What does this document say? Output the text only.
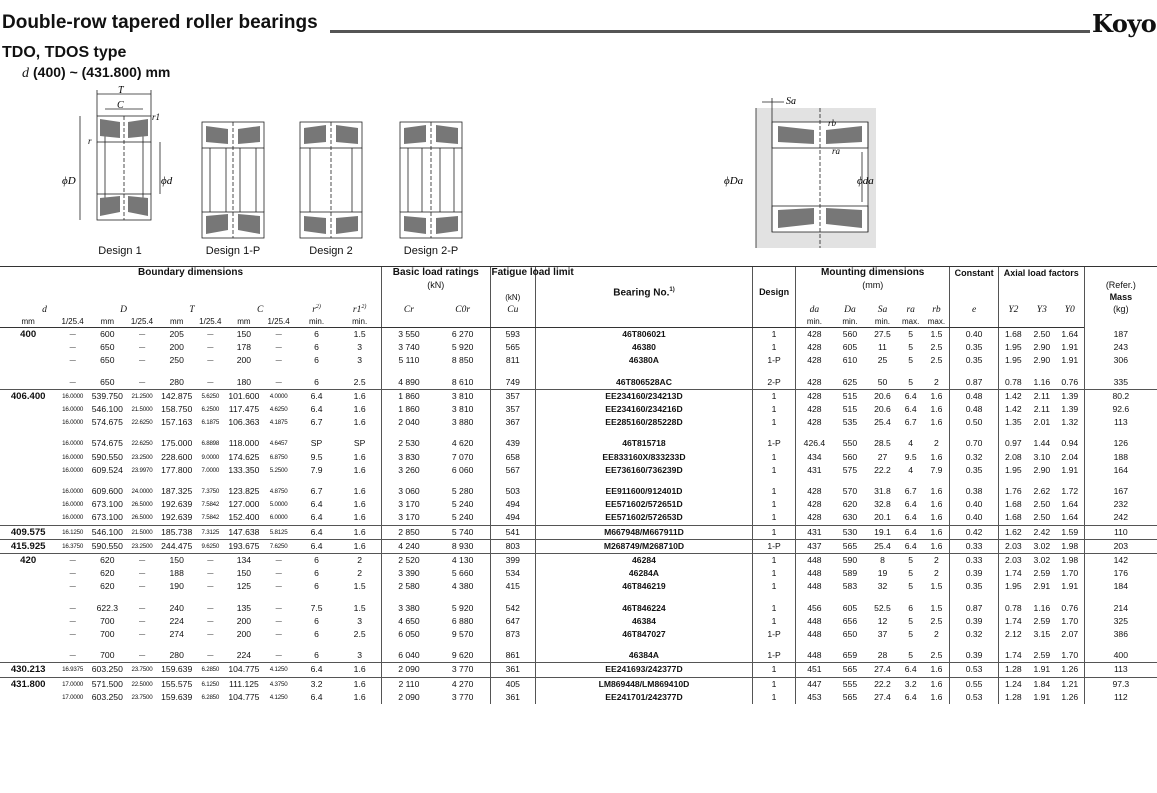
Double-row tapered roller bearings	Koyo
TDO, TDOS type
d (400) ~ (431.800) mm
T
C
r
r1
ϕD	ϕd
Design 1	Design 1-P	Design 2	Design 2-P
Sa
rb
ra
ϕDa	ϕda
Boundary dimensions										Basic load ratings
(kN)		Fatigue load limit	Bearing No.$^{1)}$	Design	Mounting dimensions
(mm)					Constant	Axial load factors			(Refer.)
Mass
(kg)
d		D		T		C		$r^{2)}$	r1$^{2)}$	Cr	C0r	(kN)
Cu			da	Da	Sa	ra	rb	e	Y2	Y3	Y0	
mm	1/25.4	mm	1/25.4	mm	1/25.4	mm	1/25.4	min.	min.						min.	min.	min.	max.	max.					
400	—	600	—	205	—	150	—	6	1.5	3 550	6 270	593	46T806021	1	428	560	27.5	5	1.5	0.40	1.68	2.50	1.64	187
	—	650	—	200	—	178	—	6	3	3 740	5 920	565	46380	1	428	605	11	5	2.5	0.35	1.95	2.90	1.91	243
	—	650	—	250	—	200	—	6	3	5 110	8 850	811	46380A	1-P	428	610	25	5	2.5	0.35	1.95	2.90	1.91	306

	—	650	—	280	—	180	—	6	2.5	4 890	8 610	749	46T806528AC	2-P	428	625	50	5	2	0.87	0.78	1.16	0.76	335
406.400	16.0000	539.750	21.2500	142.875	5.6250	101.600	4.0000	6.4	1.6	1 860	3 810	357	EE234160/234213D	1	428	515	20.6	6.4	1.6	0.48	1.42	2.11	1.39	80.2
	16.0000	546.100	21.5000	158.750	6.2500	117.475	4.6250	6.4	1.6	1 860	3 810	357	EE234160/234216D	1	428	515	20.6	6.4	1.6	0.48	1.42	2.11	1.39	92.6
	16.0000	574.675	22.6250	157.163	6.1875	106.363	4.1875	6.7	1.6	2 040	3 880	367	EE285160/285228D	1	428	535	25.4	6.7	1.6	0.50	1.35	2.01	1.32	113

	16.0000	574.675	22.6250	175.000	6.8898	118.000	4.6457	SP	SP	2 530	4 620	439	46T815718	1-P	426.4	550	28.5	4	2	0.70	0.97	1.44	0.94	126
	16.0000	590.550	23.2500	228.600	9.0000	174.625	6.8750	9.5	1.6	3 830	7 070	658	EE833160X/833233D	1	434	560	27	9.5	1.6	0.32	2.08	3.10	2.04	188
	16.0000	609.524	23.9970	177.800	7.0000	133.350	5.2500	7.9	1.6	3 260	6 060	567	EE736160/736239D	1	431	575	22.2	4	7.9	0.35	1.95	2.90	1.91	164

	16.0000	609.600	24.0000	187.325	7.3750	123.825	4.8750	6.7	1.6	3 060	5 280	503	EE911600/912401D	1	428	570	31.8	6.7	1.6	0.38	1.76	2.62	1.72	167
	16.0000	673.100	26.5000	192.639	7.5842	127.000	5.0000	6.4	1.6	3 170	5 240	494	EE571602/572651D	1	428	620	32.8	6.4	1.6	0.40	1.68	2.50	1.64	232
	16.0000	673.100	26.5000	192.639	7.5842	152.400	6.0000	6.4	1.6	3 170	5 240	494	EE571602/572653D	1	428	630	20.1	6.4	1.6	0.40	1.68	2.50	1.64	242
409.575	16.1250	546.100	21.5000	185.738	7.3125	147.638	5.8125	6.4	1.6	2 850	5 740	541	M667948/M667911D	1	431	530	19.1	6.4	1.6	0.42	1.62	2.42	1.59	110
415.925	16.3750	590.550	23.2500	244.475	9.6250	193.675	7.6250	6.4	1.6	4 240	8 930	803	M268749/M268710D	1-P	437	565	25.4	6.4	1.6	0.33	2.03	3.02	1.98	203
420	—	620	—	150	—	134	—	6	2	2 520	4 130	399	46284	1	448	590	8	5	2	0.33	2.03	3.02	1.98	142
	—	620	—	188	—	150	—	6	2	3 390	5 660	534	46284A	1	448	589	19	5	2	0.39	1.74	2.59	1.70	176
	—	620	—	190	—	125	—	6	1.5	2 580	4 380	415	46T846219	1	448	583	32	5	1.5	0.35	1.95	2.91	1.91	184

	—	622.3	—	240	—	135	—	7.5	1.5	3 380	5 920	542	46T846224	1	456	605	52.5	6	1.5	0.87	0.78	1.16	0.76	214
	—	700	—	224	—	200	—	6	3	4 650	6 880	647	46384	1	448	656	12	5	2.5	0.39	1.74	2.59	1.70	325
	—	700	—	274	—	200	—	6	2.5	6 050	9 570	873	46T847027	1-P	448	650	37	5	2	0.32	2.12	3.15	2.07	386

	—	700	—	280	—	224	—	6	3	6 040	9 620	861	46384A	1-P	448	659	28	5	2.5	0.39	1.74	2.59	1.70	400
430.213	16.9375	603.250	23.7500	159.639	6.2850	104.775	4.1250	6.4	1.6	2 090	3 770	361	EE241693/242377D	1	451	565	27.4	6.4	1.6	0.53	1.28	1.91	1.26	113
431.800	17.0000	571.500	22.5000	155.575	6.1250	111.125	4.3750	3.2	1.6	2 110	4 270	405	LM869448/LM869410D	1	447	555	22.2	3.2	1.6	0.55	1.24	1.84	1.21	97.3
	17.0000	603.250	23.7500	159.639	6.2850	104.775	4.1250	6.4	1.6	2 090	3 770	361	EE241701/242377D	1	453	565	27.4	6.4	1.6	0.53	1.28	1.91	1.26	112
